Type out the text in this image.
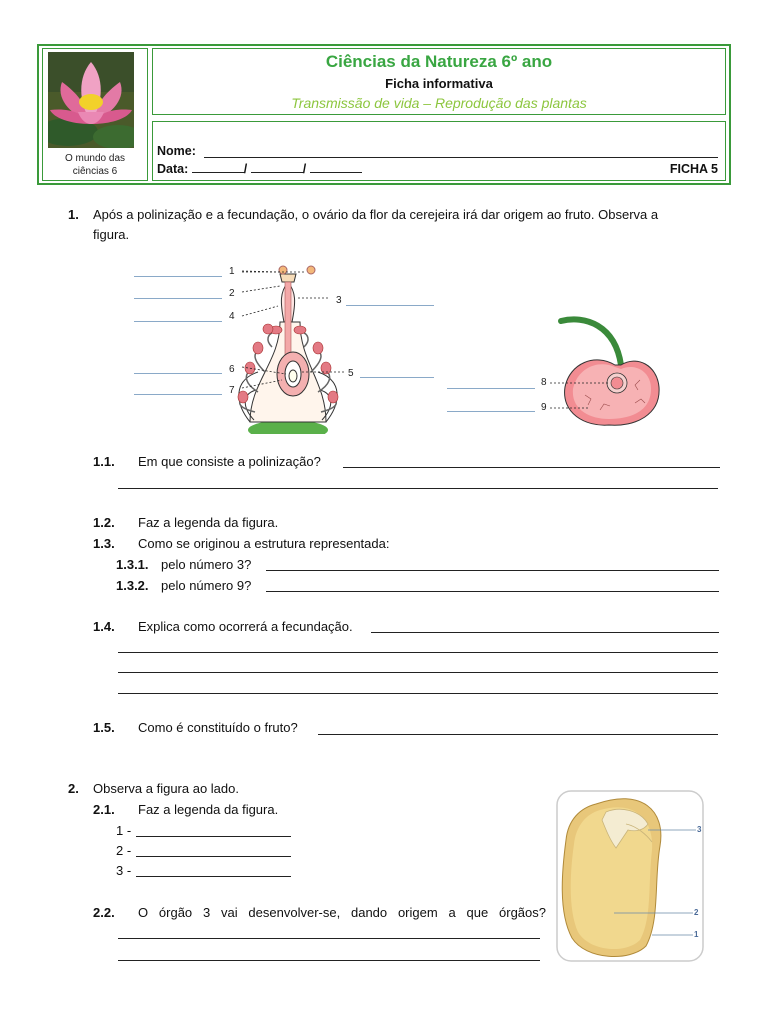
O mundo das
ciências 6
Ciências da Natureza 6º ano
Ficha informativa
Transmissão de vida – Reprodução das plantas
Nome:
Data:	/	/	FICHA 5
1. Após a polinização e a fecundação, o ovário da flor da cerejeira irá dar origem ao fruto. Observa a
figura.
1
2
3
4
5
6
7
8
9
1.1. Em que consiste a polinização?
1.2. Faz a legenda da figura.
1.3. Como se originou a estrutura representada:
1.3.1. pelo número 3?
1.3.2. pelo número 9?
1.4. Explica como ocorrerá a fecundação.
1.5. Como é constituído o fruto?
2. Observa a figura ao lado.
2.1. Faz a legenda da figura.
1 -
2 -
3 -
2.2. O órgão 3 vai desenvolver-se, dando origem a que órgãos?
3
2
1
